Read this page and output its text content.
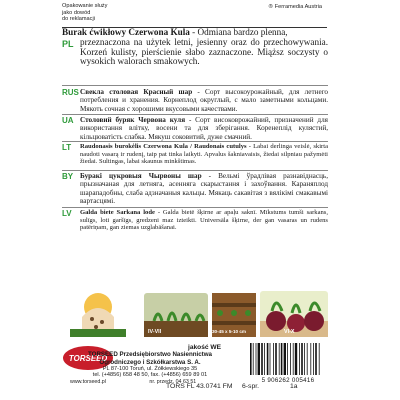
Opakowanie służy
jako dowód
do reklamacji
® Ferramedia Austria
PL
Burak ćwikłowy Czerwona Kula - Odmiana bardzo plenna,
przeznaczona na użytek letni, jesienny oraz do przechowywania. Korzeń kulisty, pierścienie słabo zaznaczone. Miąższ soczysty o wysokich walorach smakowych.
RUS Свекла столовая Красный шар - Сорт высокоурожайный, для летнего потребления и хранения. Корнеплод округлый, с мало заметными кольцами. Мякоть сочная с хорошими вкусовыми качествами.
UA Столовий буряк Червона куля - Сорт високоврожайний, призначений для використання влітку, восени та для зберігання. Коренеплід кулястий, кільцюватість слабка. Мякуш соковитий, дуже смачний.
LT Raudonasis burokėlis Czerwona Kula / Raudonais cutulys - Labai derlinga veislė, skirta naudoti vasarą ir rudenį, taip pat tinka laikyti. Apvalus šakniavaisis, žiedai silpniau pažymėti žiedai. Sultingas, labai skaunus minkštimas.
BY Буракі цукровыя Чырвоны шар - Вельмі ўрадлівая разнавіднасць, прызначаная для летняга, асенняга скарыстання і захоўвання. Караняплод шарападобны, слаба адзначаныя кальцы. Мякаць сакавітая з вялікімі смакавымі вартасцямі.
LV Galda biete Sarkana lode - Galda bietē šķirne ar apaļu saknī. Mīkstums tumši sarkans, sulīgs, loti garšīgs, gredzeni maz izteikti. Universāla šķirne, der gan vasaras un rudens patēriņam, gan ziemas uzglabāšanai.
IV-VII	30-45 x 5-10 cm	VI-X
TORSEED
jakość WE
TORSEED Przedsiębiorstwo Nasiennictwa
Ogrodniczego i Szkółkarstwa S. A.
PL 87-100 Toruń, ul. Żółkiewskiego 35
tel. (+4856) 658 48 50, fax. (+4856) 659 89 01
www.torseed.pl	nr. przedz. 04 63 51	5 906262 005416
TORS FL 43.0741 FM 6-spr.	1a
